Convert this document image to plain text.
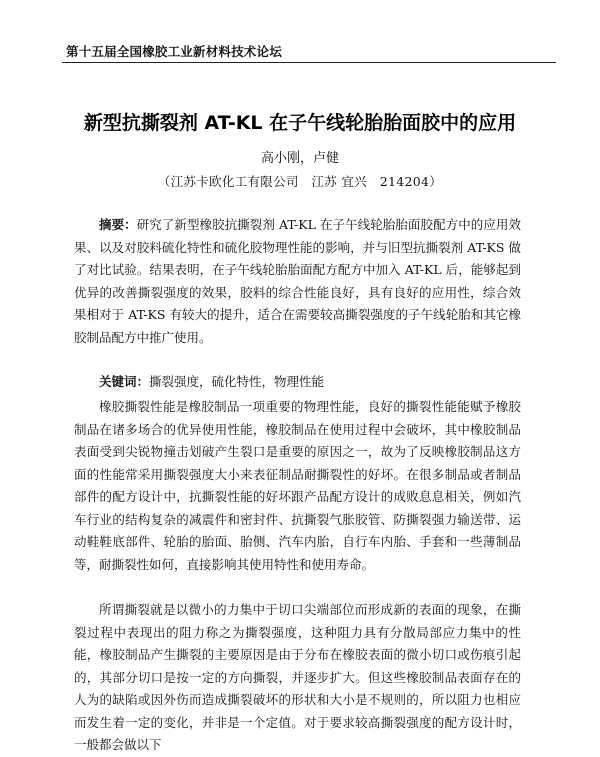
第十五届全国橡胶工业新材料技术论坛
新型抗撕裂剂 AT-KL 在子午线轮胎胎面胶中的应用
高小刚，卢健
（江苏卡欧化工有限公司　江苏 宜兴　214204）
摘要：研究了新型橡胶抗撕裂剂 AT-KL 在子午线轮胎胎面胶配方中的应用效果、以及对胶料硫化特性和硫化胶物理性能的影响，并与旧型抗撕裂剂 AT-KS 做了对比试验。结果表明，在子午线轮胎胎面配方配方中加入 AT-KL 后，能够起到优异的改善撕裂强度的效果，胶料的综合性能良好，具有良好的应用性，综合效果相对于 AT-KS 有较大的提升，适合在需要较高撕裂强度的子午线轮胎和其它橡胶制品配方中推广使用。
关键词：撕裂强度，硫化特性，物理性能
橡胶撕裂性能是橡胶制品一项重要的物理性能，良好的撕裂性能能赋予橡胶制品在诸多场合的优异使用性能，橡胶制品在使用过程中会破坏，其中橡胶制品表面受到尖锐物撞击划破产生裂口是重要的原因之一，故为了反映橡胶制品这方面的性能常采用撕裂强度大小来表征制品耐撕裂性的好坏。在很多制品或者制品部件的配方设计中，抗撕裂性能的好坏跟产品配方设计的成败息息相关，例如汽车行业的结构复杂的减震件和密封件、抗撕裂气胀胶管、防撕裂强力输送带、运动鞋鞋底部件、轮胎的胎面、胎侧、汽车内胎，自行车内胎、手套和一些薄制品等，耐撕裂性如何，直接影响其使用特性和使用寿命。
所谓撕裂就是以微小的力集中于切口尖端部位而形成新的表面的现象，在撕裂过程中表现出的阻力称之为撕裂强度，这种阻力具有分散局部应力集中的性能，橡胶制品产生撕裂的主要原因是由于分布在橡胶表面的微小切口或伤痕引起的，其部分切口是按一定的方向撕裂，并逐步扩大。但这些橡胶制品表面存在的人为的缺陷或因外伤而造成撕裂破坏的形状和大小是不规则的，所以阻力也相应而发生着一定的变化，并非是一个定值。对于要求较高撕裂强度的配方设计时，一般都会做以下
